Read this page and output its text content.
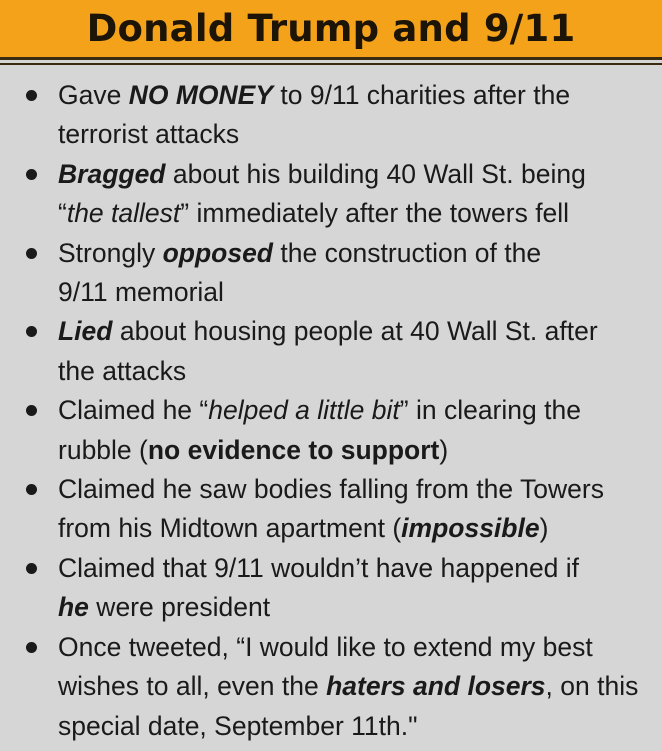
Donald Trump and 9/11
Gave NO MONEY to 9/11 charities after the
terrorist attacks
Bragged about his building 40 Wall St. being
“the tallest” immediately after the towers fell
Strongly opposed the construction of the
9/11 memorial
Lied about housing people at 40 Wall St. after
the attacks
Claimed he “helped a little bit” in clearing the
rubble (no evidence to support)
Claimed he saw bodies falling from the Towers
from his Midtown apartment (impossible)
Claimed that 9/11 wouldn’t have happened if
he were president
Once tweeted, “I would like to extend my best
wishes to all, even the haters and losers, on this
special date, September 11th."
